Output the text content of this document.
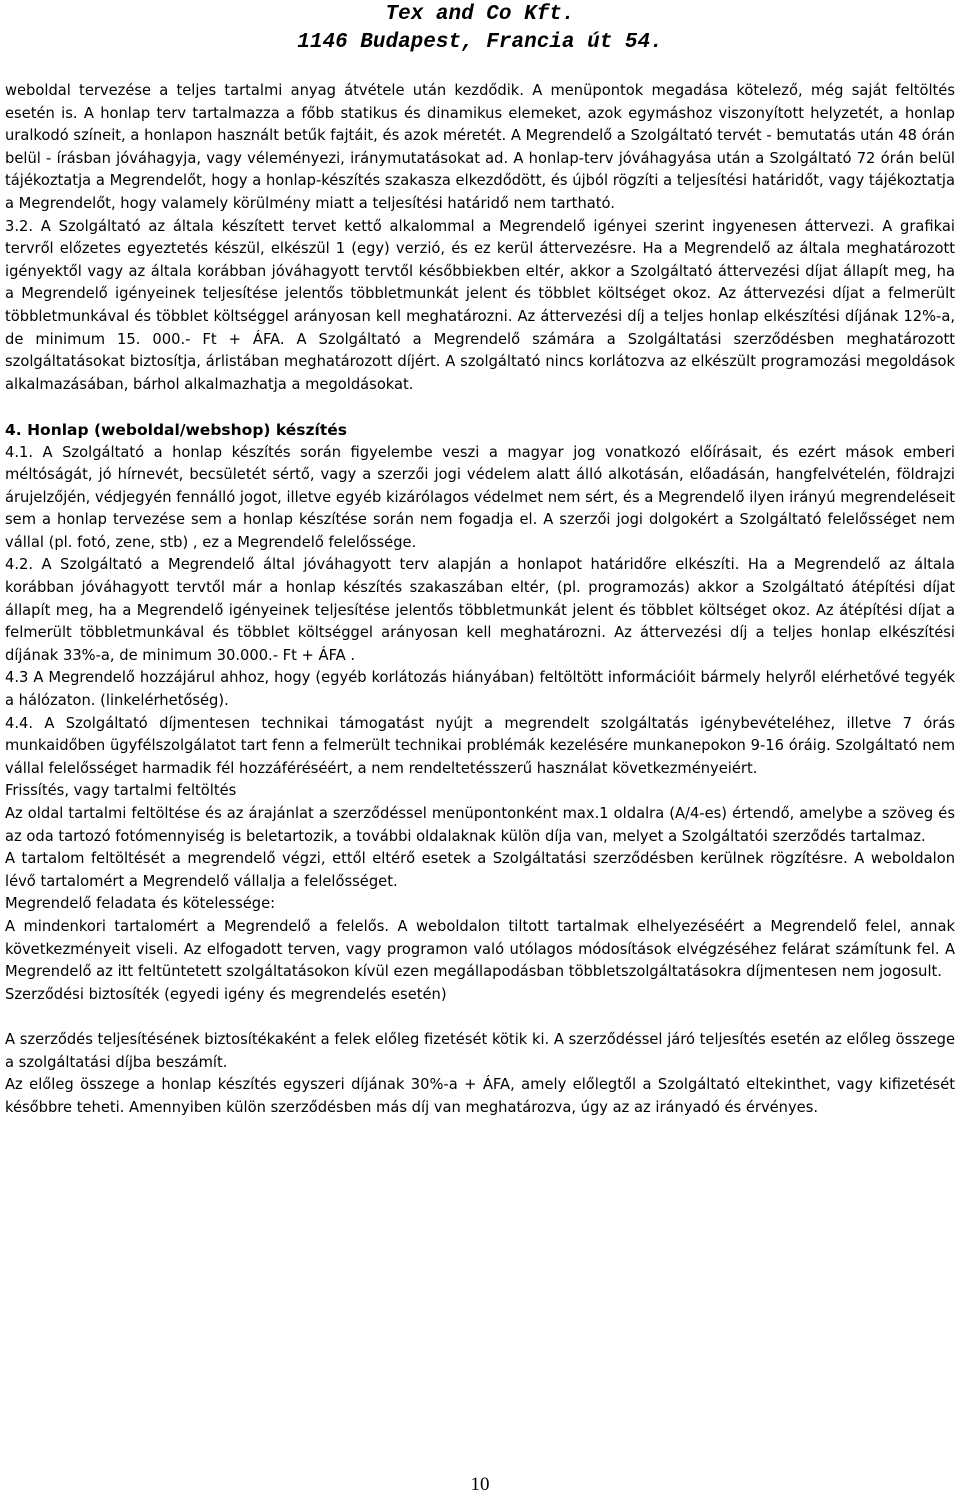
Tex and Co Kft.
1146 Budapest, Francia út 54.

weboldal tervezése a teljes tartalmi anyag átvétele után kezdődik. A menüpontok megadása kötelező, még saját feltöltés esetén is. A honlap terv tartalmazza a főbb statikus és dinamikus elemeket, azok egymáshoz viszonyított helyzetét, a honlap uralkodó színeit, a honlapon használt betűk fajtáit, és azok méretét. A Megrendelő a Szolgáltató tervét - bemutatás után 48 órán belül - írásban jóváhagyja, vagy véleményezi, iránymutatásokat ad. A honlap-terv jóváhagyása után a Szolgáltató 72 órán belül tájékoztatja a Megrendelőt, hogy a honlap-készítés szakasza elkezdődött, és újból rögzíti a teljesítési határidőt, vagy tájékoztatja a Megrendelőt, hogy valamely körülmény miatt a teljesítési határidő nem tartható.

3.2. A Szolgáltató az általa készített tervet kettő alkalommal a Megrendelő igényei szerint ingyenesen áttervezi. A grafikai tervről előzetes egyeztetés készül, elkészül 1 (egy) verzió, és ez kerül áttervezésre. Ha a Megrendelő az általa meghatározott igényektől vagy az általa korábban jóváhagyott tervtől későbbiekben eltér, akkor a Szolgáltató áttervezési díjat állapít meg, ha a Megrendelő igényeinek teljesítése jelentős többletmunkát jelent és többlet költséget okoz. Az áttervezési díjat a felmerült többletmunkával és többlet költséggel arányosan kell meghatározni. Az áttervezési díj a teljes honlap elkészítési díjának 12%-a, de minimum 15. 000.- Ft + ÁFA. A Szolgáltató a Megrendelő számára a Szolgáltatási szerződésben meghatározott szolgáltatásokat biztosítja, árlistában meghatározott díjért. A szolgáltató nincs korlátozva az elkészült programozási megoldások alkalmazásában, bárhol alkalmazhatja a megoldásokat.

4. Honlap (weboldal/webshop) készítés

4.1. A Szolgáltató a honlap készítés során figyelembe veszi a magyar jog vonatkozó előírásait, és ezért mások emberi méltóságát, jó hírnevét, becsületét sértő, vagy a szerzői jogi védelem alatt álló alkotásán, előadásán, hangfelvételén, földrajzi árujelzőjén, védjegyén fennálló jogot, illetve egyéb kizárólagos védelmet nem sért, és a Megrendelő ilyen irányú megrendeléseit sem a honlap tervezése sem a honlap készítése során nem fogadja el. A szerzői jogi dolgokért a Szolgáltató felelősséget nem vállal (pl. fotó, zene, stb) , ez a Megrendelő felelőssége.

4.2. A Szolgáltató a Megrendelő által jóváhagyott terv alapján a honlapot határidőre elkészíti. Ha a Megrendelő az általa korábban jóváhagyott tervtől már a honlap készítés szakaszában eltér, (pl. programozás) akkor a Szolgáltató átépítési díjat állapít meg, ha a Megrendelő igényeinek teljesítése jelentős többletmunkát jelent és többlet költséget okoz. Az átépítési díjat a felmerült többletmunkával és többlet költséggel arányosan kell meghatározni. Az áttervezési díj a teljes honlap elkészítési díjának 33%-a, de minimum 30.000.- Ft + ÁFA .

4.3 A Megrendelő hozzájárul ahhoz, hogy (egyéb korlátozás hiányában) feltöltött információit bármely helyről elérhetővé tegyék a hálózaton. (linkelérhetőség).

4.4. A Szolgáltató díjmentesen technikai támogatást nyújt a megrendelt szolgáltatás igénybevételéhez, illetve 7 órás munkaidőben ügyfélszolgálatot tart fenn a felmerült technikai problémák kezelésére munkanepokon 9-16 óráig. Szolgáltató nem vállal felelősséget harmadik fél hozzáféréséért, a nem rendeltetésszerű használat következményeiért.

Frissítés, vagy tartalmi feltöltés

Az oldal tartalmi feltöltése és az árajánlat a szerződéssel menüpontonként max.1 oldalra (A/4-es) értendő, amelybe a szöveg és az oda tartozó fotómennyiség is beletartozik, a további oldalaknak külön díja van, melyet a Szolgáltatói szerződés tartalmaz.

A tartalom feltöltését a megrendelő végzi, ettől eltérő esetek a Szolgáltatási szerződésben kerülnek rögzítésre. A weboldalon lévő tartalomért a Megrendelő vállalja a felelősséget.

Megrendelő feladata és kötelessége:

A mindenkori tartalomért a Megrendelő a felelős. A weboldalon tiltott tartalmak elhelyezéséért a Megrendelő felel, annak következményeit viseli. Az elfogadott terven, vagy programon való utólagos módosítások elvégzéséhez felárat számítunk fel. A Megrendelő az itt feltüntetett szolgáltatásokon kívül ezen megállapodásban többletszolgáltatásokra díjmentesen nem jogosult.

Szerződési biztosíték (egyedi igény és megrendelés esetén)

A szerződés teljesítésének biztosítékaként a felek előleg fizetését kötik ki. A szerződéssel járó teljesítés esetén az előleg összege a szolgáltatási díjba beszámít.

Az előleg összege a honlap készítés egyszeri díjának 30%-a + ÁFA, amely előlegtől a Szolgáltató eltekinthet, vagy kifizetését későbbre teheti. Amennyiben külön szerződésben más díj van meghatározva, úgy az az irányadó és érvényes.

10
